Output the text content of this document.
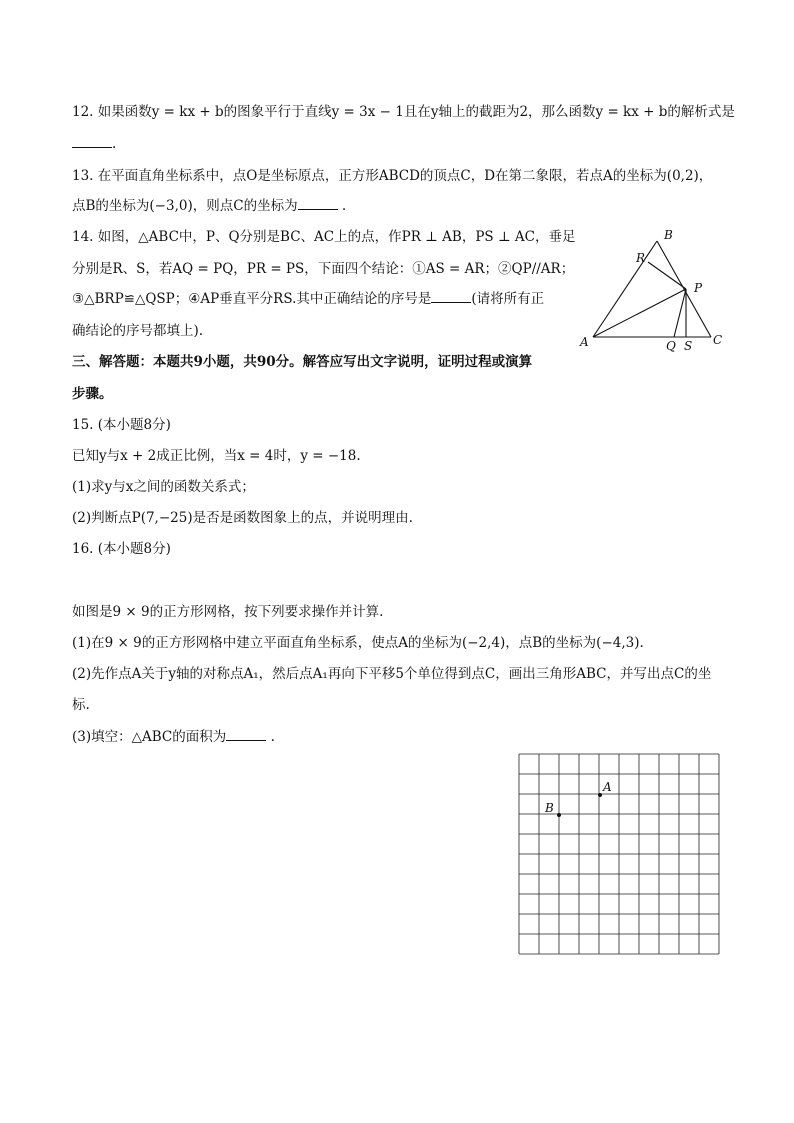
12. 如果函数y = kx + b的图象平行于直线y = 3x − 1且在y轴上的截距为2，那么函数y = kx + b的解析式是
.
13. 在平面直角坐标系中，点O是坐标原点，正方形ABCD的顶点C，D在第二象限，若点A的坐标为(0,2)，
点B的坐标为(−3,0)，则点C的坐标为	.
14. 如图，△ABC中，P、Q分别是BC、AC上的点，作PR ⊥ AB，PS ⊥ AC，垂足
分别是R、S，若AQ = PQ，PR = PS，下面四个结论：①AS = AR；②QP//AR；
③△BRP≌△QSP；④AP垂直平分RS.其中正确结论的序号是	(请将所有正
确结论的序号都填上).
B
R
P
A	Q S C
三、解答题：本题共9小题，共90分。解答应写出文字说明，证明过程或演算
步骤。
15. (本小题8分)
已知y与x + 2成正比例，当x = 4时，y = −18.
(1)求y与x之间的函数关系式；
(2)判断点P(7,−25)是否是函数图象上的点，并说明理由.
16. (本小题8分)
如图是9 × 9的正方形网格，按下列要求操作并计算.
(1)在9 × 9的正方形网格中建立平面直角坐标系，使点A的坐标为(−2,4)，点B的坐标为(−4,3).
(2)先作点A关于y轴的对称点A₁，然后点A₁再向下平移5个单位得到点C，画出三角形ABC，并写出点C的坐
标.
(3)填空：△ABC的面积为	.
A
B
